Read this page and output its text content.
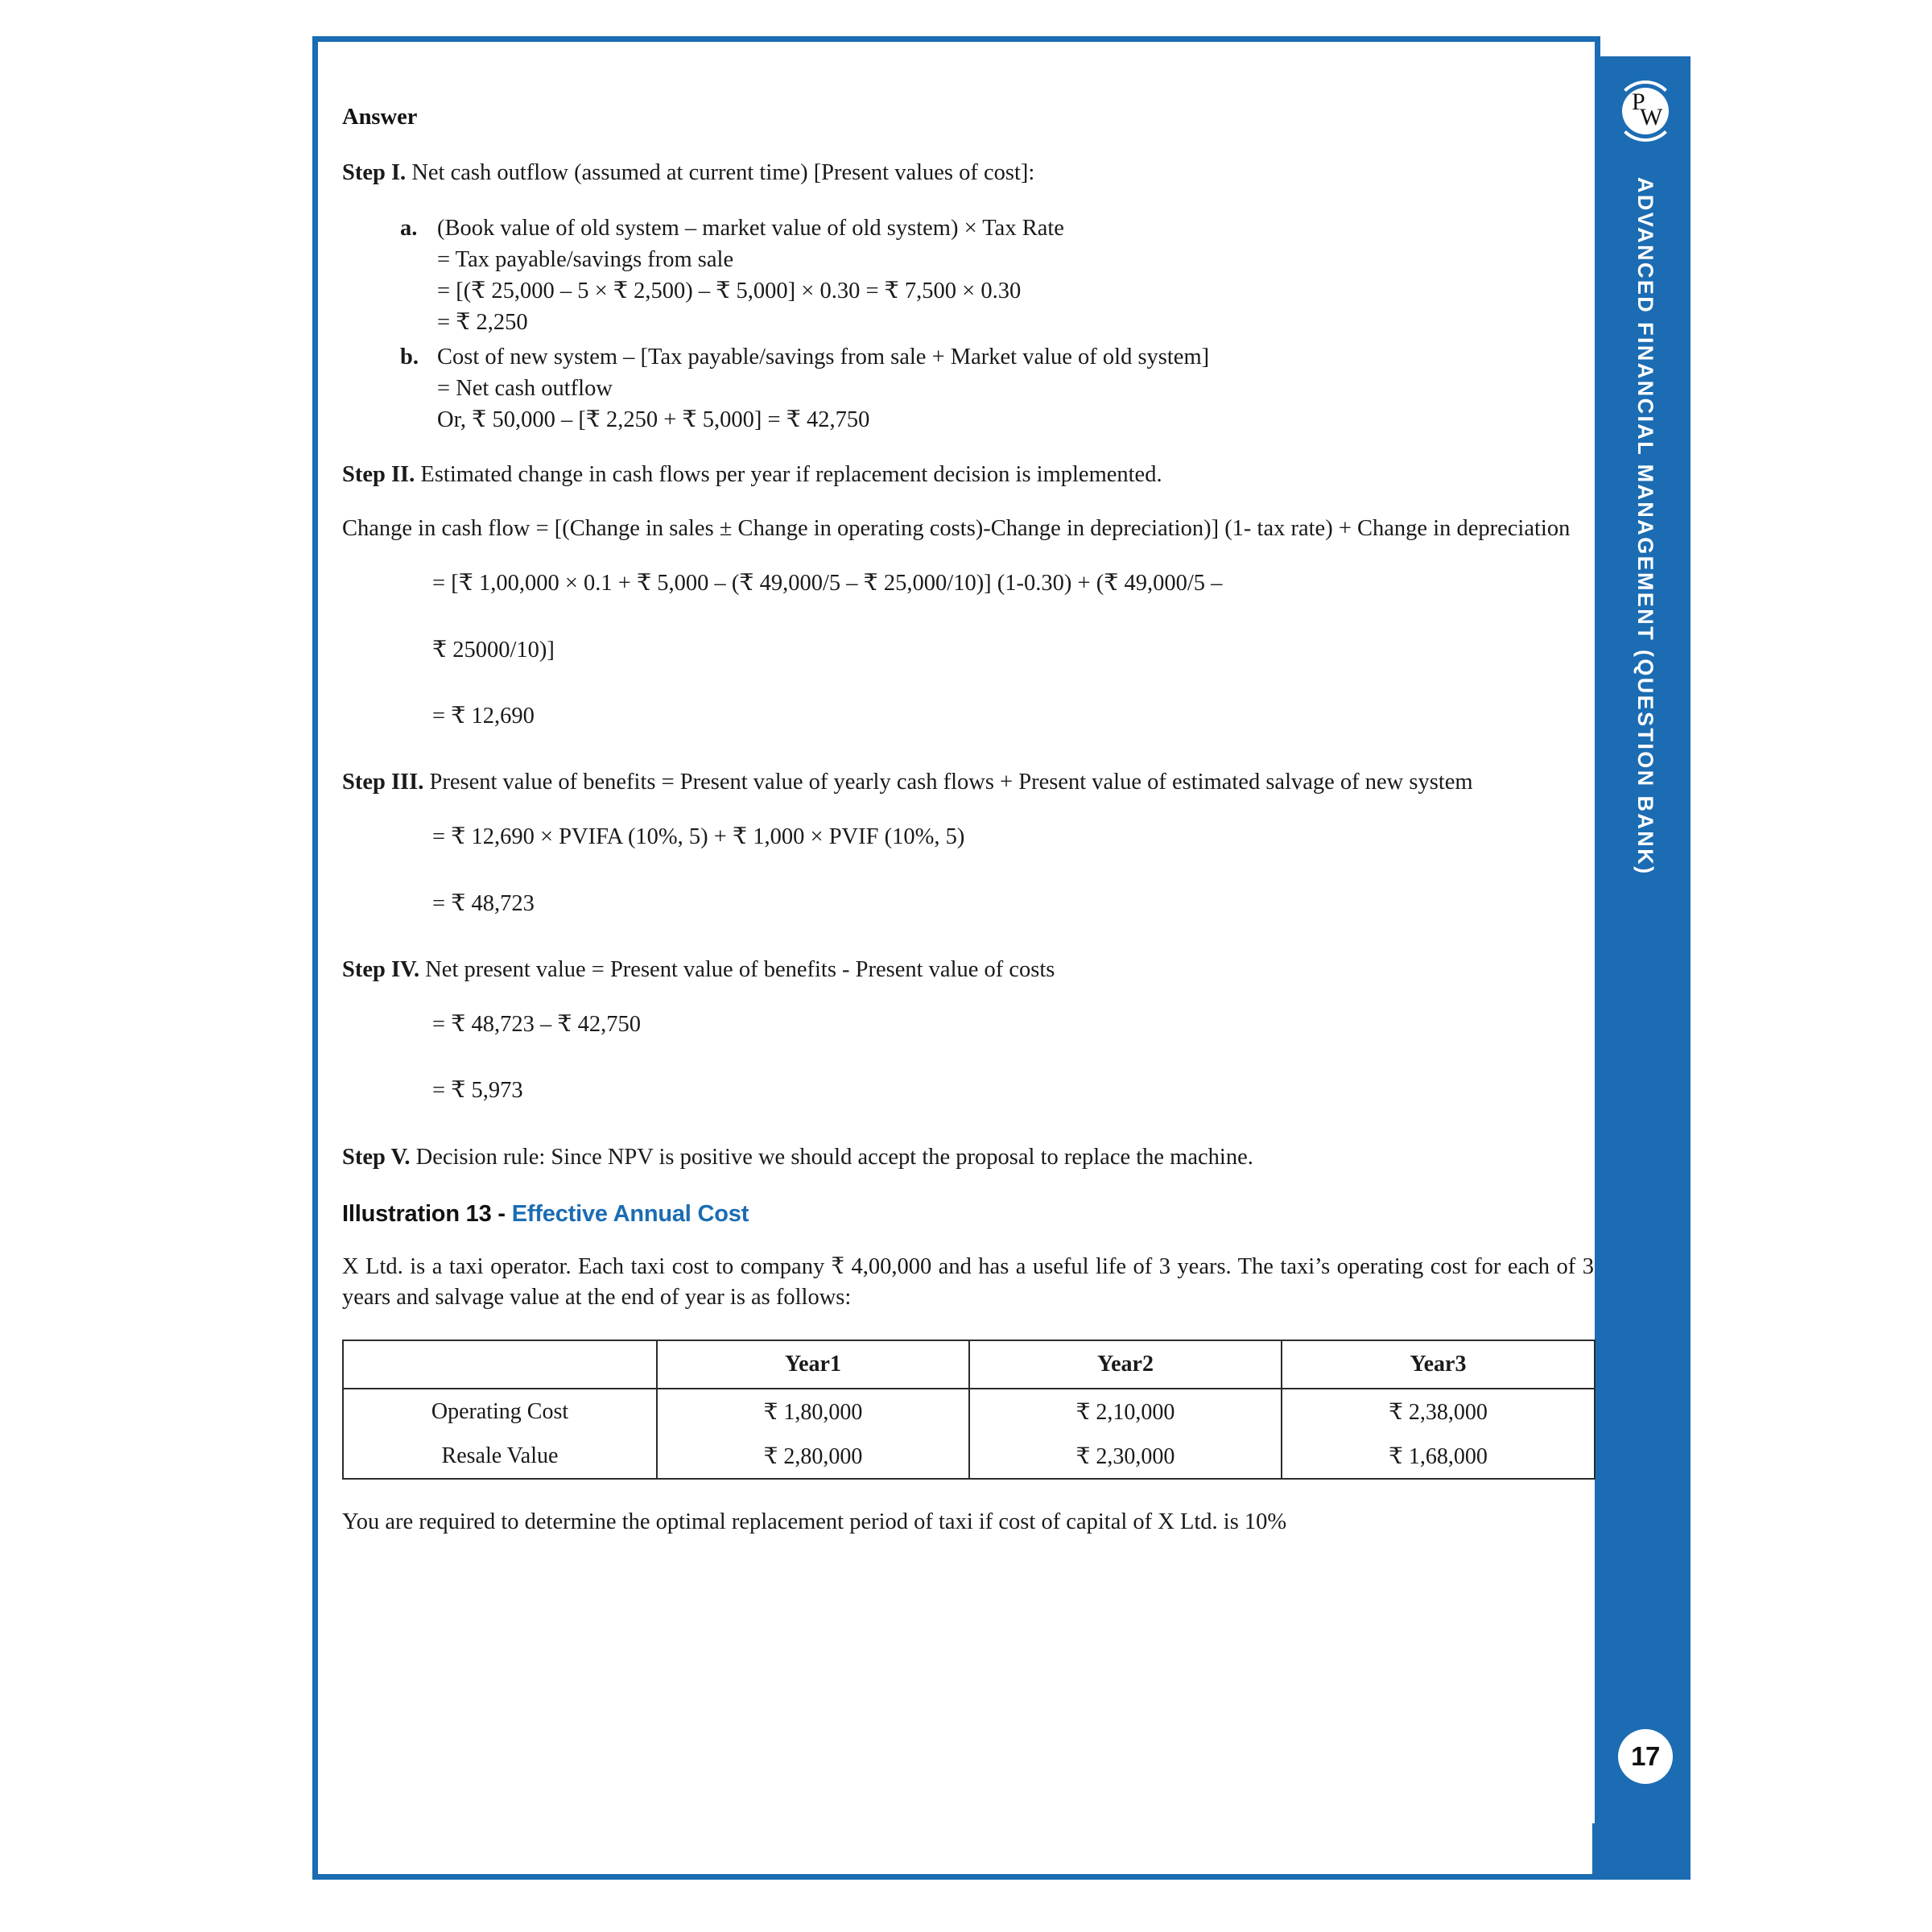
P
W
ADVANCED FINANCIAL MANAGEMENT (QUESTION BANK)
17
Answer

Step I. Net cash outflow (assumed at current time) [Present values of cost]:

a. (Book value of old system – market value of old system) × Tax Rate
= Tax payable/savings from sale
= [(₹ 25,000 – 5 × ₹ 2,500) – ₹ 5,000] × 0.30 = ₹ 7,500 × 0.30
= ₹ 2,250
b. Cost of new system – [Tax payable/savings from sale + Market value of old system]
= Net cash outflow
Or, ₹ 50,000 – [₹ 2,250 + ₹ 5,000] = ₹ 42,750

Step II. Estimated change in cash flows per year if replacement decision is implemented.

Change in cash flow = [(Change in sales ± Change in operating costs)-Change in depreciation)] (1- tax rate) + Change in depreciation

= [₹ 1,00,000 × 0.1 + ₹ 5,000 – (₹ 49,000/5 – ₹ 25,000/10)] (1-0.30) + (₹ 49,000/5 –
₹ 25000/10)]
= ₹ 12,690

Step III. Present value of benefits = Present value of yearly cash flows + Present value of estimated salvage of new system

= ₹ 12,690 × PVIFA (10%, 5) + ₹ 1,000 × PVIF (10%, 5)
= ₹ 48,723

Step IV. Net present value = Present value of benefits - Present value of costs

= ₹ 48,723 – ₹ 42,750
= ₹ 5,973

Step V. Decision rule: Since NPV is positive we should accept the proposal to replace the machine.

Illustration 13 - Effective Annual Cost

X Ltd. is a taxi operator. Each taxi cost to company ₹ 4,00,000 and has a useful life of 3 years. The taxi’s operating cost for each of 3 years and salvage value at the end of year is as follows:

	Year1	Year2	Year3
Operating Cost	₹ 1,80,000	₹ 2,10,000	₹ 2,38,000
Resale Value	₹ 2,80,000	₹ 2,30,000	₹ 1,68,000

You are required to determine the optimal replacement period of taxi if cost of capital of X Ltd. is 10%
